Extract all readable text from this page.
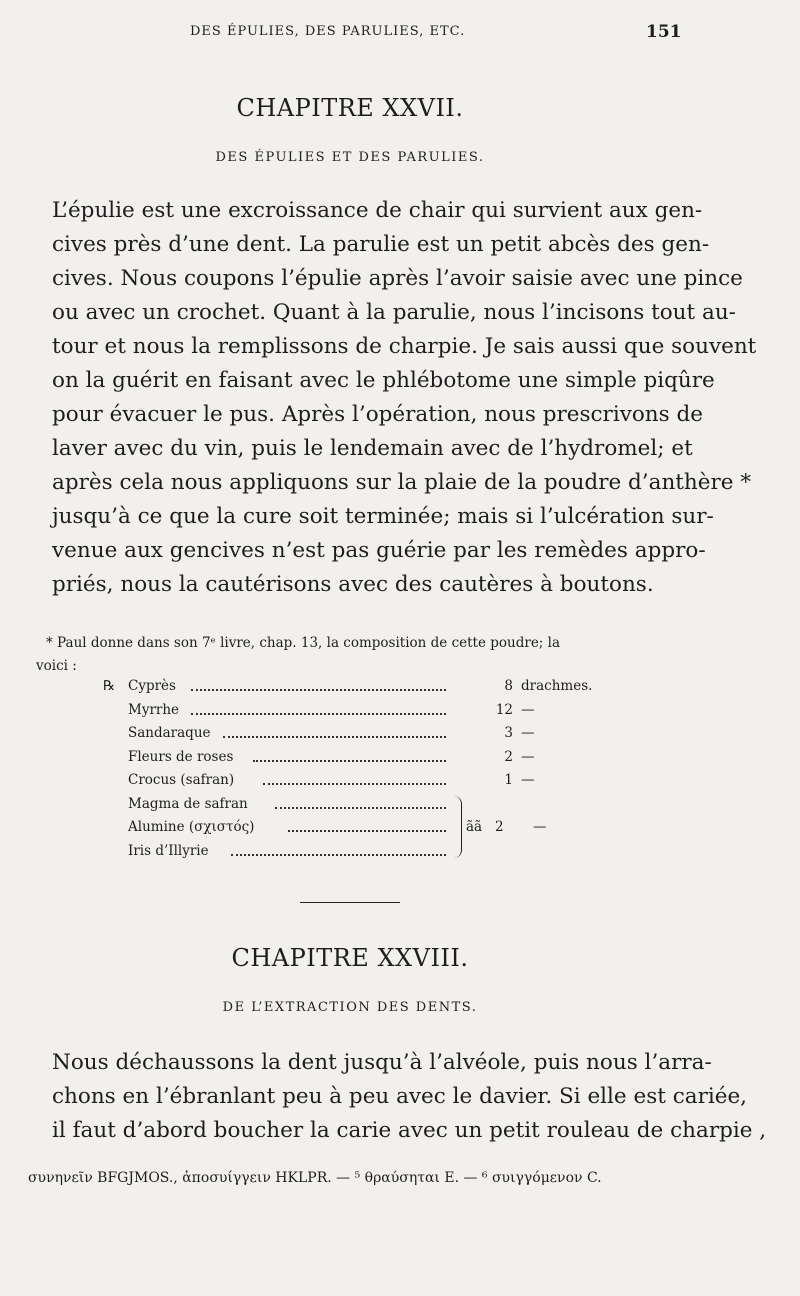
DES ÉPULIES, DES PARULIES, ETC.	151
CHAPITRE XXVII.
DES ÉPULIES ET DES PARULIES.
L’épulie est une excroissance de chair qui survient aux gen-
cives près d’une dent. La parulie est un petit abcès des gen-
cives. Nous coupons l’épulie après l’avoir saisie avec une pince
ou avec un crochet. Quant à la parulie, nous l’incisons tout au-
tour et nous la remplissons de charpie. Je sais aussi que souvent
on la guérit en faisant avec le phlébotome une simple piqûre
pour évacuer le pus. Après l’opération, nous prescrivons de
laver avec du vin, puis le lendemain avec de l’hydromel; et
après cela nous appliquons sur la plaie de la poudre d’anthère *
jusqu’à ce que la cure soit terminée; mais si l’ulcération sur-
venue aux gencives n’est pas guérie par les remèdes appro-
priés, nous la cautérisons avec des cautères à boutons.
* Paul donne dans son 7ᵉ livre, chap. 13, la composition de cette poudre; la
voici :
℞ Cyprès	8 drachmes.
Myrrhe	12 —
Sandaraque	3 —
Fleurs de roses	2 —
Crocus (safran)	1 —
Magma de safran
Alumine (σχιστός)
Iris d’Illyrie
ãã 2 —
CHAPITRE XXVIII.
DE L’EXTRACTION DES DENTS.
Nous déchaussons la dent jusqu’à l’alvéole, puis nous l’arra-
chons en l’ébranlant peu à peu avec le davier. Si elle est cariée,
il faut d’abord boucher la carie avec un petit rouleau de charpie ,
συνηνεῖν BFGJMOS., ἀποσυίγγειν HKLPR. — ⁵ θραύσηται E. — ⁶ συιγγόμενον C.
